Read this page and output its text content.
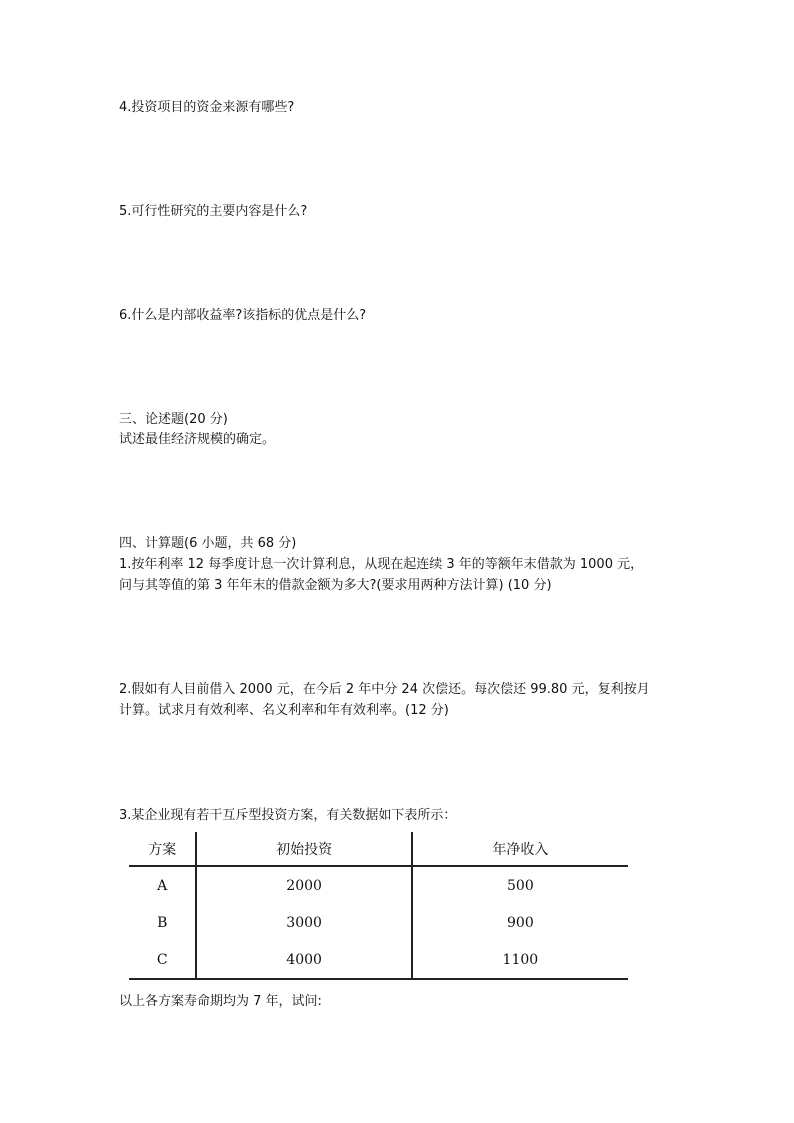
4.投资项目的资金来源有哪些?
5.可行性研究的主要内容是什么?
6.什么是内部收益率?该指标的优点是什么?
三、论述题(20 分)
试述最佳经济规模的确定。
四、计算题(6 小题，共 68 分)
1.按年利率 12 每季度计息一次计算利息，从现在起连续 3 年的等额年末借款为 1000 元，
问与其等值的第 3 年年末的借款金额为多大?(要求用两种方法计算) (10 分)
2.假如有人目前借入 2000 元，在今后 2 年中分 24 次偿还。每次偿还 99.80 元，复利按月
计算。试求月有效利率、名义利率和年有效利率。(12 分)
3.某企业现有若干互斥型投资方案，有关数据如下表所示：
方案	初始投资	年净收入
A	2000	500
B	3000	900
C	4000	1100
以上各方案寿命期均为 7 年，试问:
